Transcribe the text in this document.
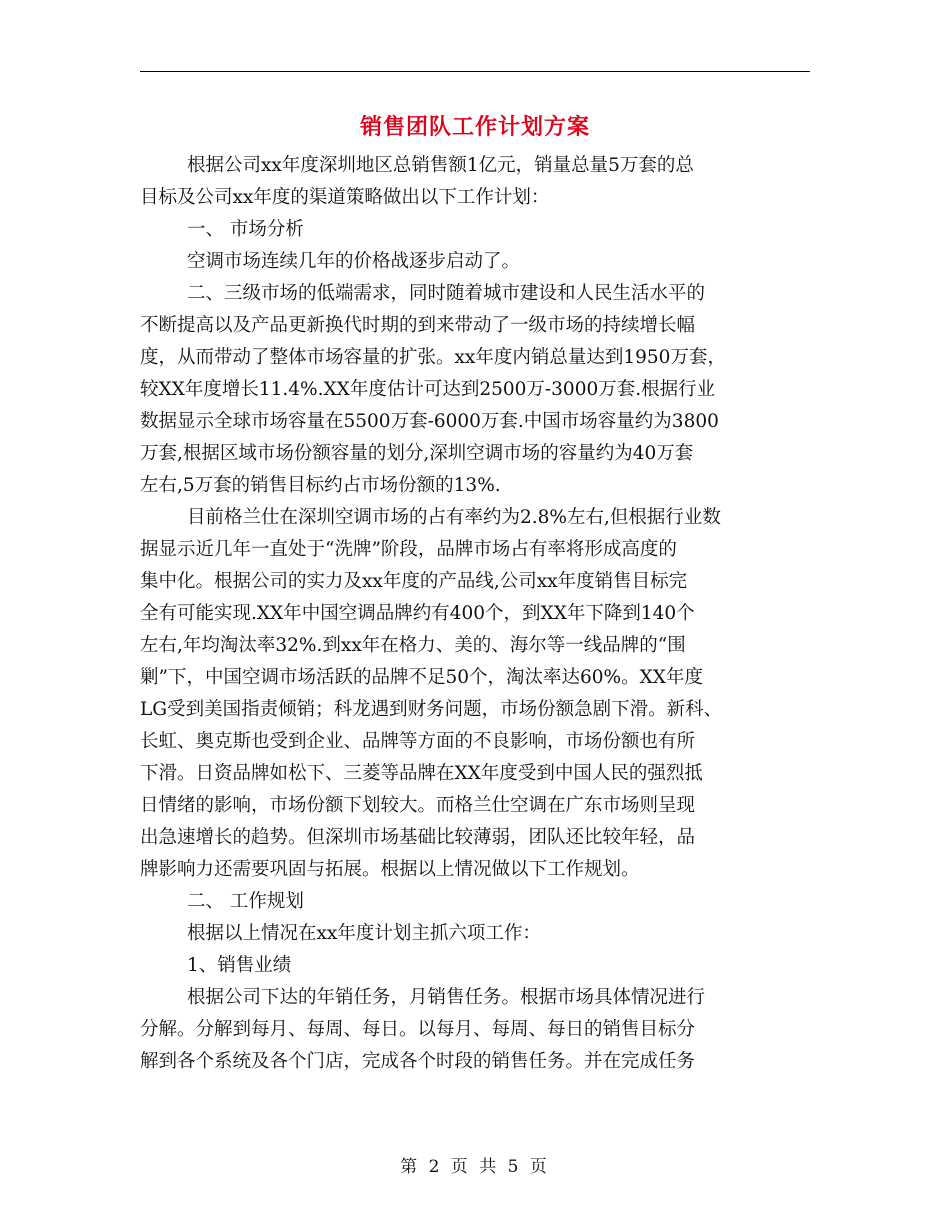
销售团队工作计划方案
根据公司xx年度深圳地区总销售额1亿元，销量总量5万套的总
目标及公司xx年度的渠道策略做出以下工作计划：
一、 市场分析
空调市场连续几年的价格战逐步启动了。
二、三级市场的低端需求，同时随着城市建设和人民生活水平的
不断提高以及产品更新换代时期的到来带动了一级市场的持续增长幅
度，从而带动了整体市场容量的扩张。xx年度内销总量达到1950万套，
较XX年度增长11.4%.XX年度估计可达到2500万-3000万套.根据行业
数据显示全球市场容量在5500万套-6000万套.中国市场容量约为3800
万套,根据区域市场份额容量的划分,深圳空调市场的容量约为40万套
左右,5万套的销售目标约占市场份额的13%.
目前格兰仕在深圳空调市场的占有率约为2.8%左右,但根据行业数
据显示近几年一直处于“洗牌”阶段，品牌市场占有率将形成高度的
集中化。根据公司的实力及xx年度的产品线,公司xx年度销售目标完
全有可能实现.XX年中国空调品牌约有400个，到XX年下降到140个
左右,年均淘汰率32%.到xx年在格力、美的、海尔等一线品牌的“围
剿”下，中国空调市场活跃的品牌不足50个，淘汰率达60%。XX年度
LG受到美国指责倾销；科龙遇到财务问题，市场份额急剧下滑。新科、
长虹、奥克斯也受到企业、品牌等方面的不良影响，市场份额也有所
下滑。日资品牌如松下、三菱等品牌在XX年度受到中国人民的强烈抵
日情绪的影响，市场份额下划较大。而格兰仕空调在广东市场则呈现
出急速增长的趋势。但深圳市场基础比较薄弱，团队还比较年轻，品
牌影响力还需要巩固与拓展。根据以上情况做以下工作规划。
二、 工作规划
根据以上情况在xx年度计划主抓六项工作：
1、销售业绩
根据公司下达的年销任务，月销售任务。根据市场具体情况进行
分解。分解到每月、每周、每日。以每月、每周、每日的销售目标分
解到各个系统及各个门店，完成各个时段的销售任务。并在完成任务
第 2 页 共 5 页
